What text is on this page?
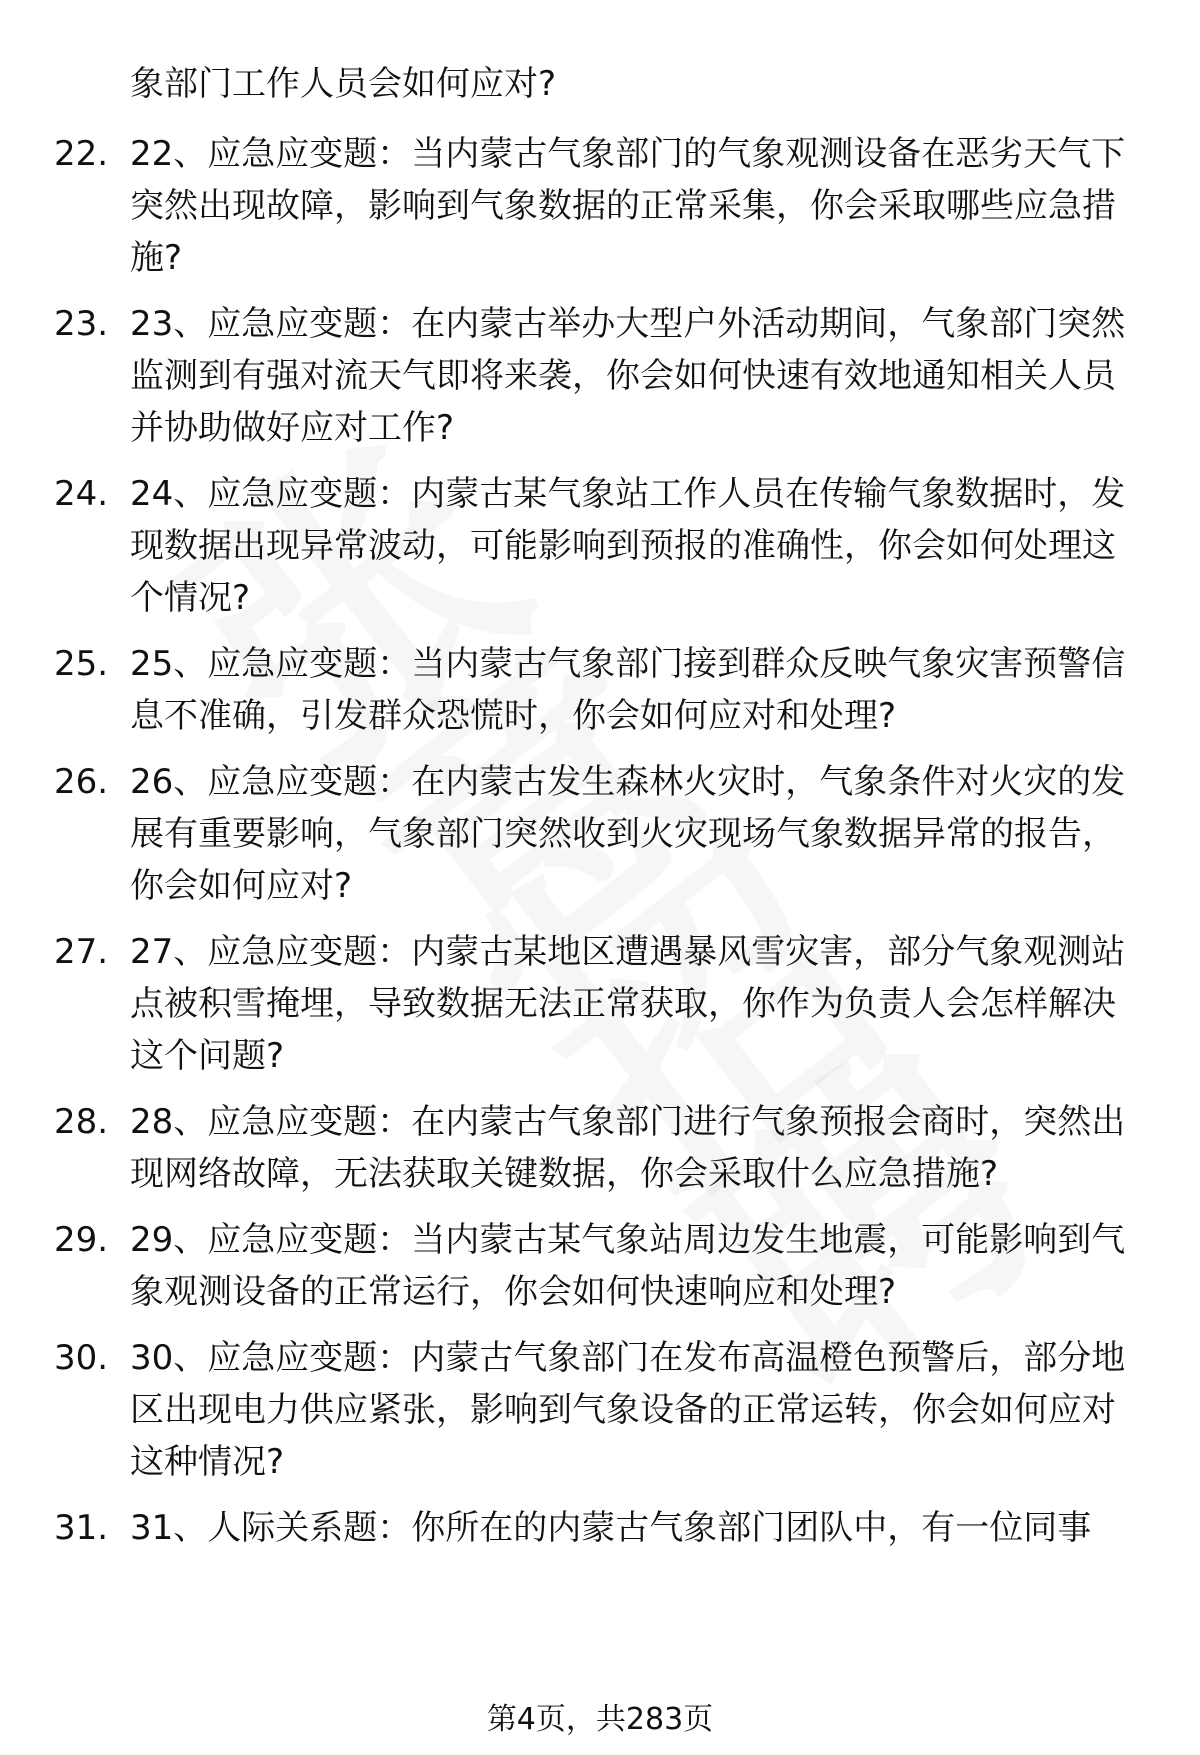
象部门工作人员会如何应对?
22. 22、应急应变题：当内蒙古气象部门的气象观测设备在恶劣天气下突然出现故障，影响到气象数据的正常采集，你会采取哪些应急措施?
23. 23、应急应变题：在内蒙古举办大型户外活动期间，气象部门突然监测到有强对流天气即将来袭，你会如何快速有效地通知相关人员并协助做好应对工作?
24. 24、应急应变题：内蒙古某气象站工作人员在传输气象数据时，发现数据出现异常波动，可能影响到预报的准确性，你会如何处理这个情况?
25. 25、应急应变题：当内蒙古气象部门接到群众反映气象灾害预警信息不准确，引发群众恐慌时，你会如何应对和处理?
26. 26、应急应变题：在内蒙古发生森林火灾时，气象条件对火灾的发展有重要影响，气象部门突然收到火灾现场气象数据异常的报告，你会如何应对?
27. 27、应急应变题：内蒙古某地区遭遇暴风雪灾害，部分气象观测站点被积雪掩埋，导致数据无法正常获取，你作为负责人会怎样解决这个问题?
28. 28、应急应变题：在内蒙古气象部门进行气象预报会商时，突然出现网络故障，无法获取关键数据，你会采取什么应急措施?
29. 29、应急应变题：当内蒙古某气象站周边发生地震，可能影响到气象观测设备的正常运行，你会如何快速响应和处理?
30. 30、应急应变题：内蒙古气象部门在发布高温橙色预警后，部分地区出现电力供应紧张，影响到气象设备的正常运转，你会如何应对这种情况?
31. 31、人际关系题：你所在的内蒙古气象部门团队中，有一位同事
第4页，共283页
